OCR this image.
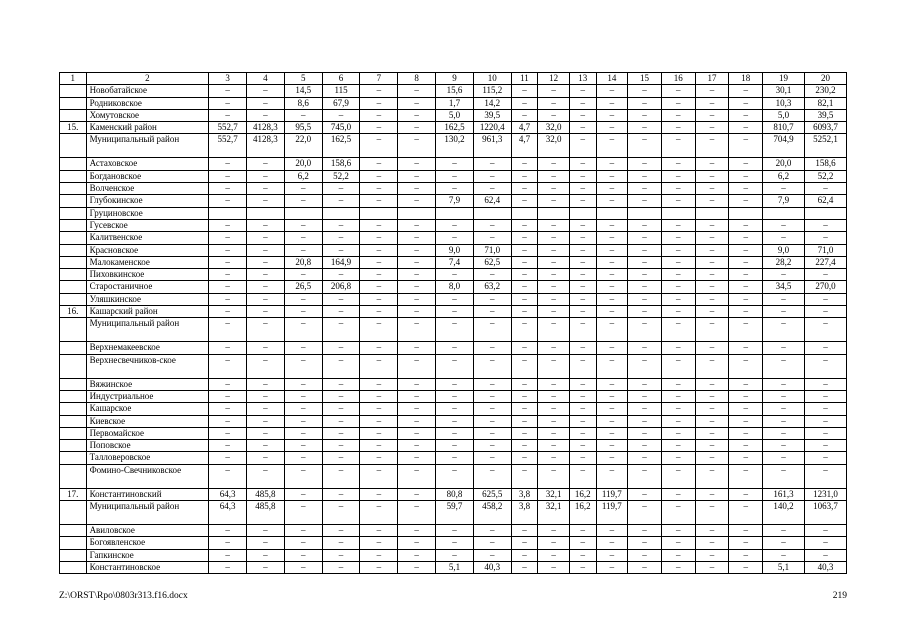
1	2	3	4	5	6	7	8	9	10	11	12	13	14	15	16	17	18	19	20
	Новобатайское	–	–	14,5	115	–	–	15,6	115,2	–	–	–	–	–	–	–	–	30,1	230,2
	Родниковское	–	–	8,6	67,9	–	–	1,7	14,2	–	–	–	–	–	–	–	–	10,3	82,1
	Хомутовское	–	–	–	–	–	–	5,0	39,5	–	–	–	–	–	–	–	–	5,0	39,5
15.	Каменский район	552,7	4128,3	95,5	745,0	–	–	162,5	1220,4	4,7	32,0	–	–	–	–	–	–	810,7	6093,7
	Муниципальный район	552,7	4128,3	22,0	162,5	–	–	130,2	961,3	4,7	32,0	–	–	–	–	–	–	704,9	5252,1
	Астаховское	–	–	20,0	158,6	–	–	–	–	–	–	–	–	–	–	–	–	20,0	158,6
	Богдановское	–	–	6,2	52,2	–	–	–	–	–	–	–	–	–	–	–	–	6,2	52,2
	Волченское	–	–	–	–	–	–	–	–	–	–	–	–	–	–	–	–	–	–
	Глубокинское	–	–	–	–	–	–	7,9	62,4	–	–	–	–	–	–	–	–	7,9	62,4
	Груциновское																		
	Гусевское	–	–	–	–	–	–	–	–	–	–	–	–	–	–	–	–	–	–
	Калитвенское	–	–	–	–	–	–	–	–	–	–	–	–	–	–	–	–	–	–
	Красновское	–	–	–	–	–	–	9,0	71,0	–	–	–	–	–	–	–	–	9,0	71,0
	Малокаменское	–	–	20,8	164,9	–	–	7,4	62,5	–	–	–	–	–	–	–	–	28,2	227,4
	Пиховкинское	–	–	–	–	–	–	–	–	–	–	–	–	–	–	–	–	–	–
	Старостаничное	–	–	26,5	206,8	–	–	8,0	63,2	–	–	–	–	–	–	–	–	34,5	270,0
	Уляшкинское	–	–	–	–	–	–	–	–	–	–	–	–	–	–	–	–	–	–
16.	Кашарский район	–	–	–	–	–	–	–	–	–	–	–	–	–	–	–	–	–	–
	Муниципальный район	–	–	–	–	–	–	–	–	–	–	–	–	–	–	–	–	–	–
	Верхнемакеевское	–	–	–	–	–	–	–	–	–	–	–	–	–	–	–	–	–	–
	Верхнесвечников-ское	–	–	–	–	–	–	–	–	–	–	–	–	–	–	–	–	–	–
	Вяжинское	–	–	–	–	–	–	–	–	–	–	–	–	–	–	–	–	–	–
	Индустриальное	–	–	–	–	–	–	–	–	–	–	–	–	–	–	–	–	–	–
	Кашарское	–	–	–	–	–	–	–	–	–	–	–	–	–	–	–	–	–	–
	Киевское	–	–	–	–	–	–	–	–	–	–	–	–	–	–	–	–	–	–
	Первомайское	–	–	–	–	–	–	–	–	–	–	–	–	–	–	–	–	–	–
	Поповское	–	–	–	–	–	–	–	–	–	–	–	–	–	–	–	–	–	–
	Талловеровское	–	–	–	–	–	–	–	–	–	–	–	–	–	–	–	–	–	–
	Фомино-Свечниковское	–	–	–	–	–	–	–	–	–	–	–	–	–	–	–	–	–	–
17.	Константиновский	64,3	485,8	–	–	–	–	80,8	625,5	3,8	32,1	16,2	119,7	–	–	–	–	161,3	1231,0
	Муниципальный район	64,3	485,8	–	–	–	–	59,7	458,2	3,8	32,1	16,2	119,7	–	–	–	–	140,2	1063,7
	Авиловское	–	–	–	–	–	–	–	–	–	–	–	–	–	–	–	–	–	–
	Богоявленское	–	–	–	–	–	–	–	–	–	–	–	–	–	–	–	–	–	–
	Гапкинское	–	–	–	–	–	–	–	–	–	–	–	–	–	–	–	–	–	–
	Константиновское	–	–	–	–	–	–	5,1	40,3	–	–	–	–	–	–	–	–	5,1	40,3
Z:\ORST\Rpo\0803r313.f16.docx	219
